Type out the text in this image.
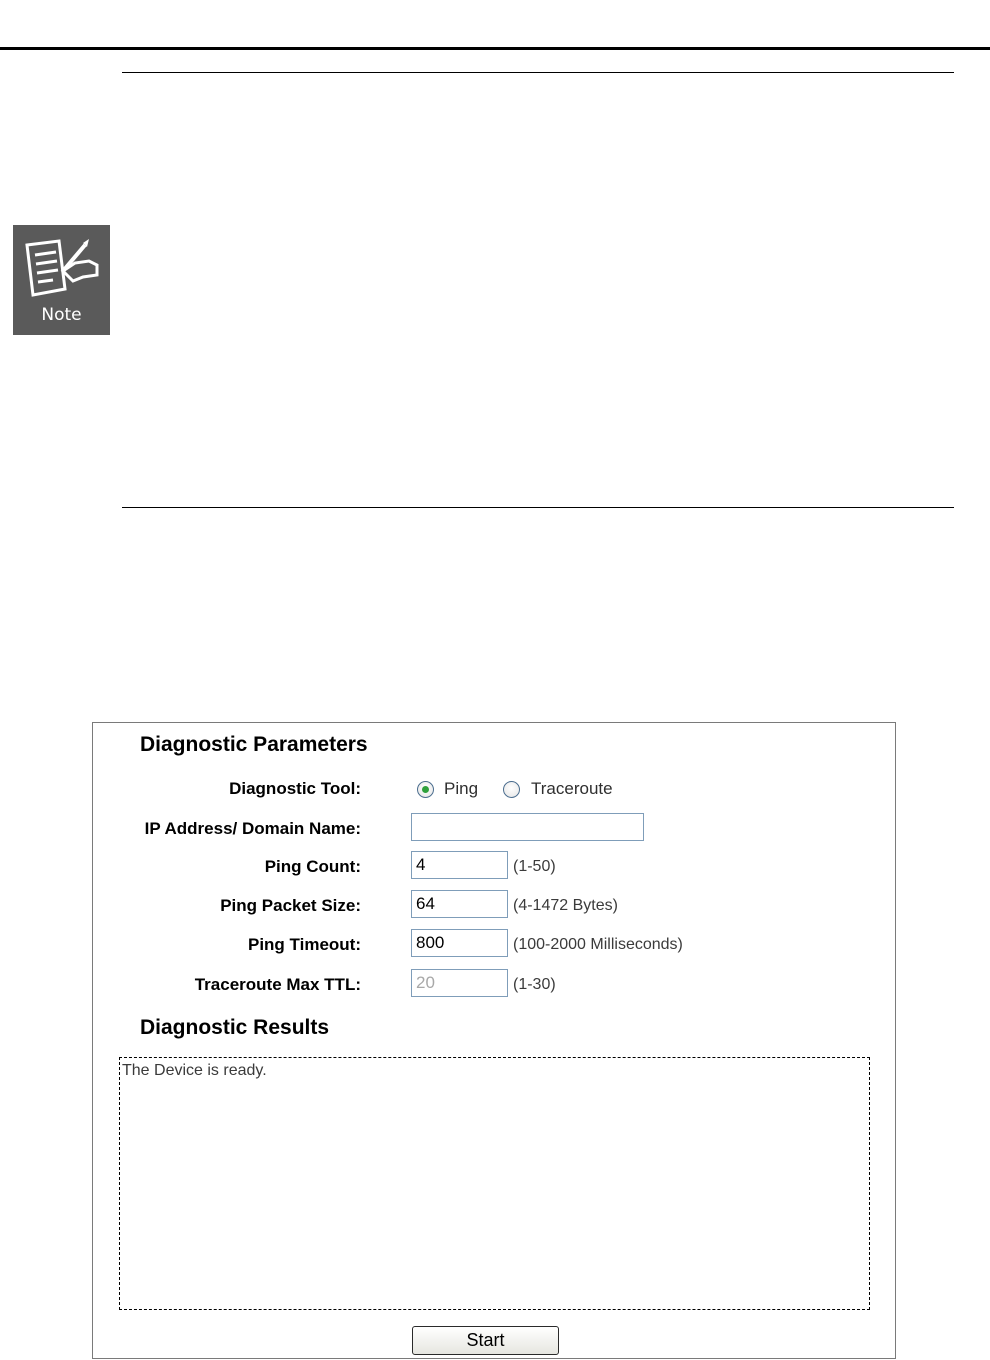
Note
Diagnostic Parameters
Diagnostic Tool:	Ping	Traceroute
IP Address/ Domain Name:
Ping Count:
4	(1-50)
Ping Packet Size:
64	(4-1472 Bytes)
Ping Timeout:
800	(100-2000 Milliseconds)
Traceroute Max TTL:
20	(1-30)
Diagnostic Results
The Device is ready.
Start
